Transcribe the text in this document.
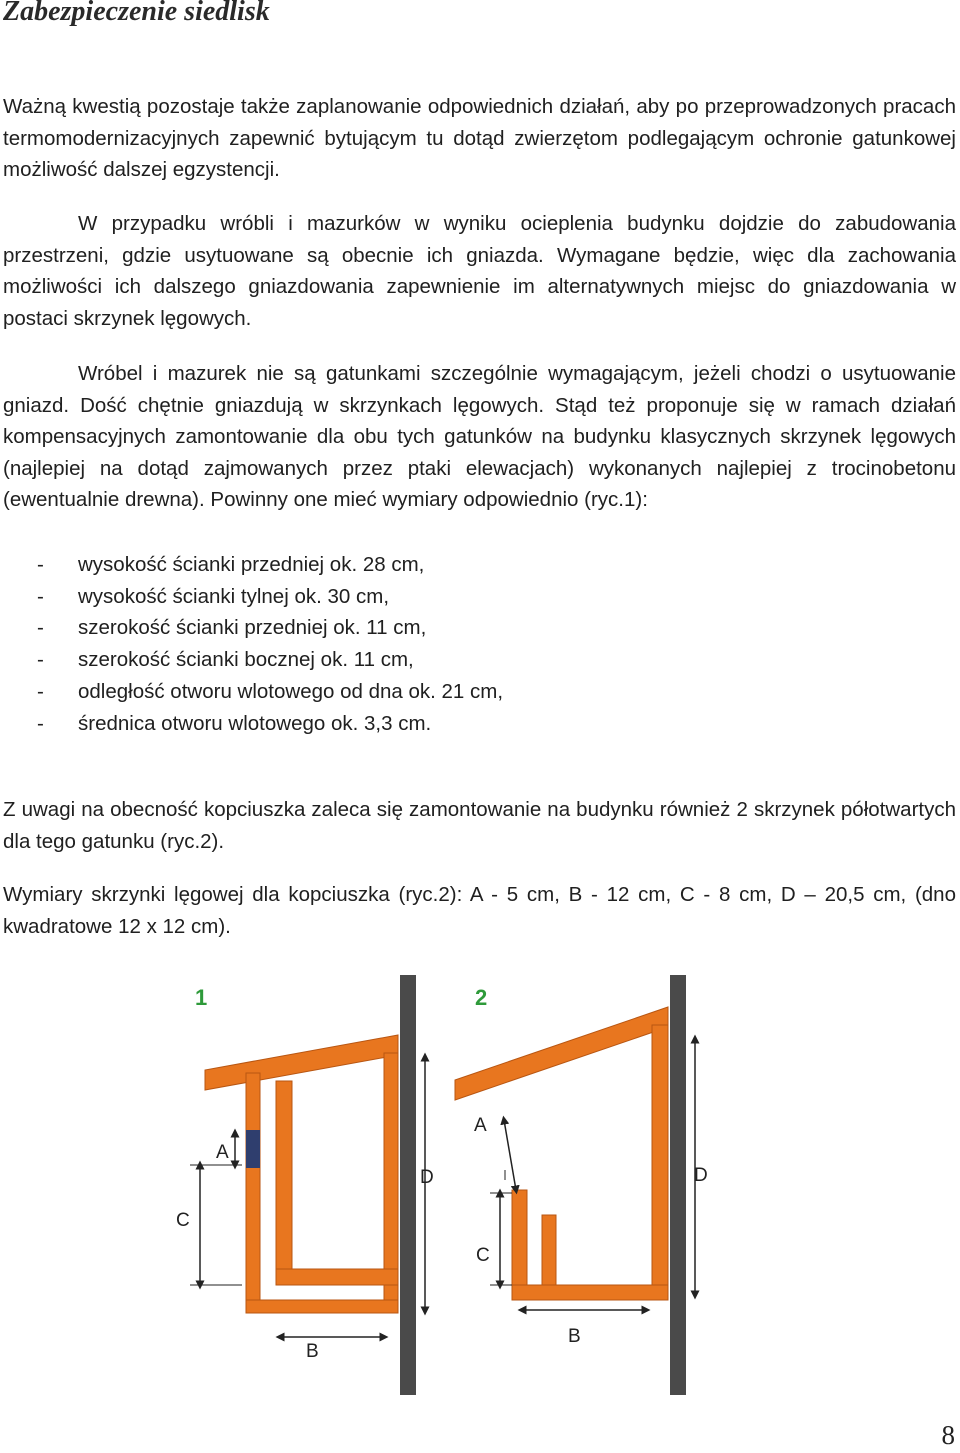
Zabezpieczenie siedlisk

Ważną kwestią pozostaje także zaplanowanie odpowiednich działań, aby po przeprowadzonych pracach termomodernizacyjnych zapewnić bytującym tu dotąd zwierzętom podlegającym ochronie gatunkowej możliwość dalszej egzystencji.

W przypadku wróbli i mazurków w wyniku ocieplenia budynku dojdzie do zabudowania przestrzeni, gdzie usytuowane są obecnie ich gniazda. Wymagane będzie, więc dla zachowania możliwości ich dalszego gniazdowania zapewnienie im alternatywnych miejsc do gniazdowania w postaci skrzynek lęgowych.

Wróbel i mazurek nie są gatunkami szczególnie wymagającym, jeżeli chodzi o usytuowanie gniazd. Dość chętnie gniazdują w skrzynkach lęgowych. Stąd też proponuje się w ramach działań kompensacyjnych zamontowanie dla obu tych gatunków na budynku klasycznych skrzynek lęgowych (najlepiej na dotąd zajmowanych przez ptaki elewacjach) wykonanych najlepiej z trocinobetonu (ewentualnie drewna). Powinny one mieć wymiary odpowiednio (ryc.1):

- wysokość ścianki przedniej ok. 28 cm,
- wysokość ścianki tylnej ok. 30 cm,
- szerokość ścianki przedniej ok. 11 cm,
- szerokość ścianki bocznej ok. 11 cm,
- odległość otworu wlotowego od dna ok. 21 cm,
- średnica otworu wlotowego ok. 3,3 cm.

Z uwagi na obecność kopciuszka zaleca się zamontowanie na budynku również 2 skrzynek półotwartych dla tego gatunku (ryc.2).

Wymiary skrzynki lęgowej dla kopciuszka (ryc.2): A - 5 cm, B - 12 cm, C - 8 cm, D – 20,5 cm, (dno kwadratowe 12 x 12 cm).

1
A
C
B
D
2
A
C
B
D
8
